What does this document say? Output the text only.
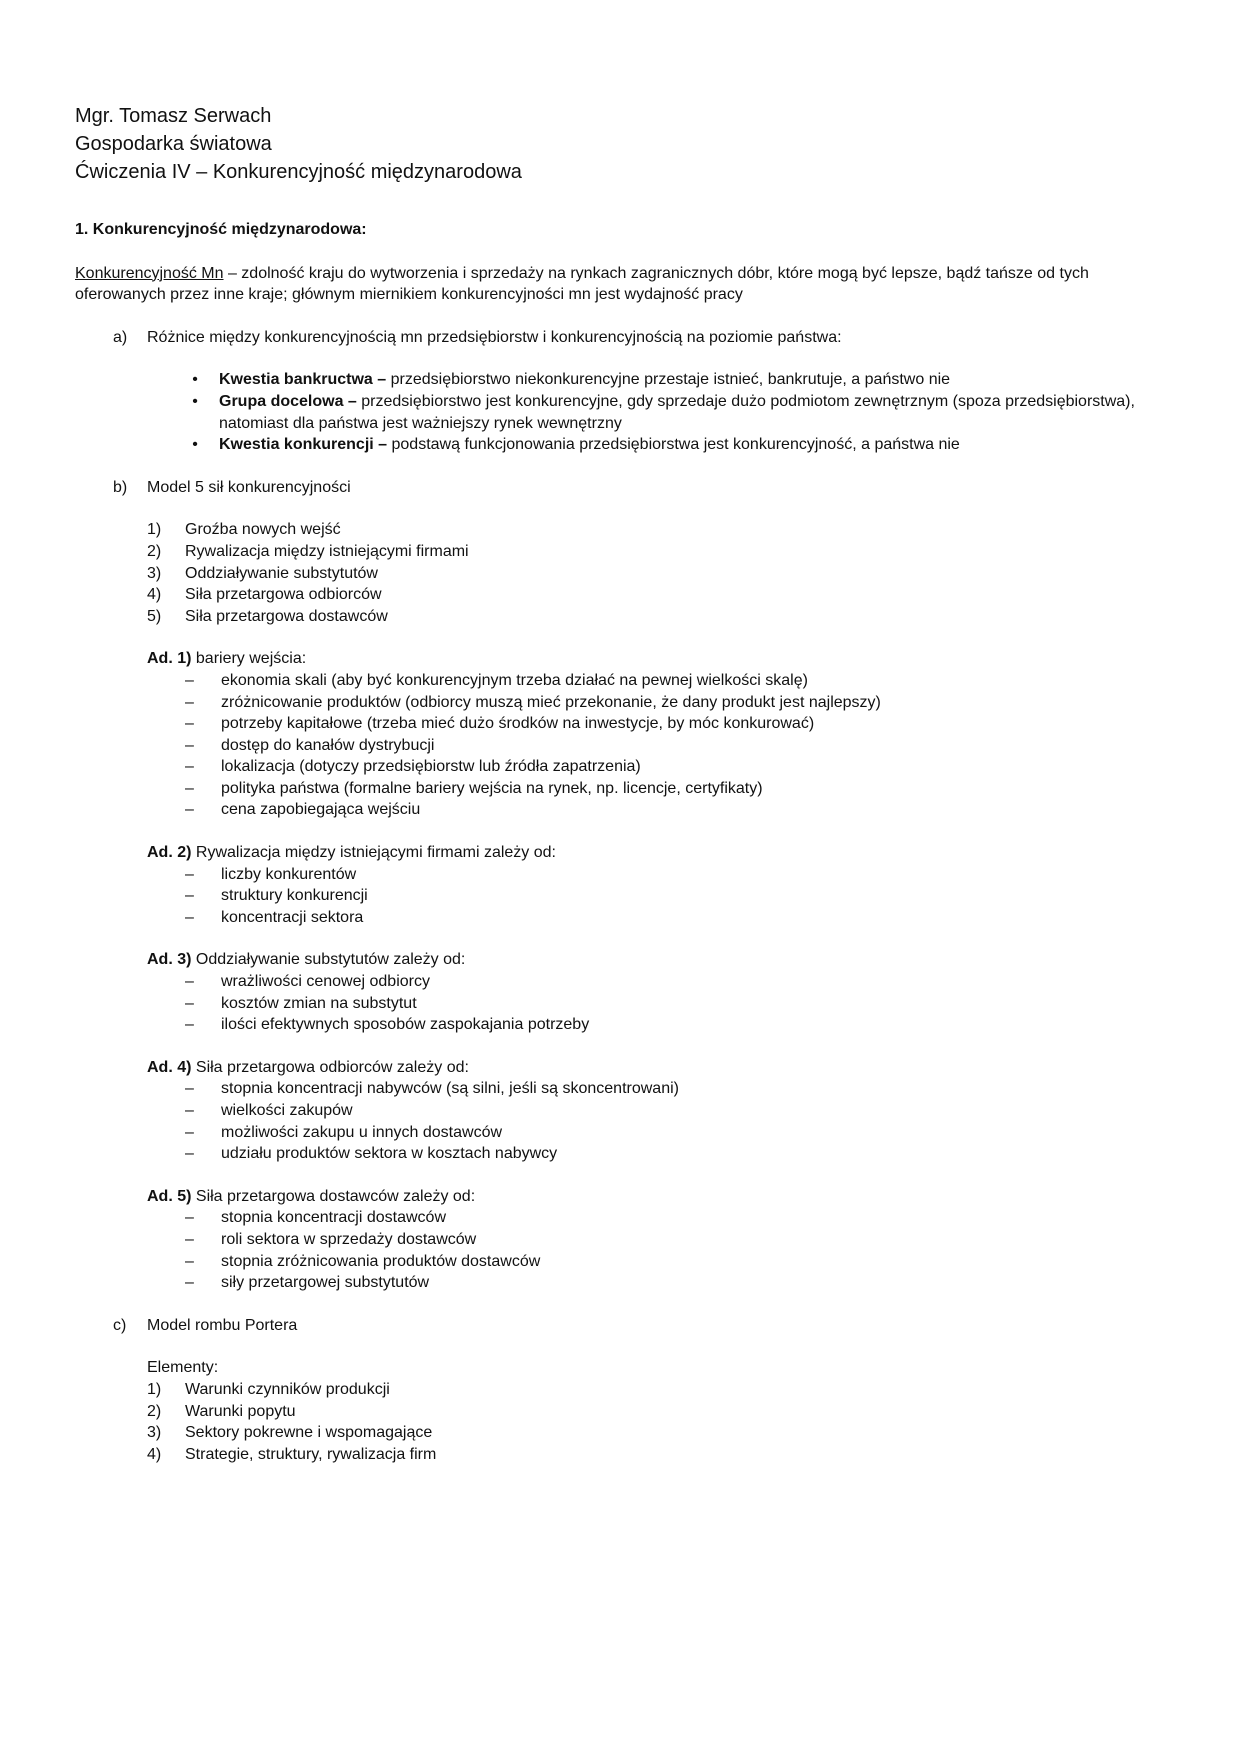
Mgr. Tomasz Serwach
Gospodarka światowa
Ćwiczenia IV – Konkurencyjność międzynarodowa
1. Konkurencyjność międzynarodowa:
Konkurencyjność Mn – zdolność kraju do wytworzenia i sprzedaży na rynkach zagranicznych dóbr, które mogą być lepsze, bądź tańsze od tych oferowanych przez inne kraje; głównym miernikiem konkurencyjności mn jest wydajność pracy
a)	Różnice między konkurencyjnością mn przedsiębiorstw i konkurencyjnością na poziomie państwa:
•	Kwestia bankructwa – przedsiębiorstwo niekonkurencyjne przestaje istnieć, bankrutuje, a państwo nie
•	Grupa docelowa – przedsiębiorstwo jest konkurencyjne, gdy sprzedaje dużo podmiotom zewnętrznym (spoza przedsiębiorstwa), natomiast dla państwa jest ważniejszy rynek wewnętrzny
•	Kwestia konkurencji – podstawą funkcjonowania przedsiębiorstwa jest konkurencyjność, a państwa nie
b)	Model 5 sił konkurencyjności
1)	Groźba nowych wejść
2)	Rywalizacja między istniejącymi firmami
3)	Oddziaływanie substytutów
4)	Siła przetargowa odbiorców
5)	Siła przetargowa dostawców
Ad. 1) bariery wejścia:
–	ekonomia skali (aby być konkurencyjnym trzeba działać na pewnej wielkości skalę)
–	zróżnicowanie produktów (odbiorcy muszą mieć przekonanie, że dany produkt jest najlepszy)
–	potrzeby kapitałowe (trzeba mieć dużo środków na inwestycje, by móc konkurować)
–	dostęp do kanałów dystrybucji
–	lokalizacja (dotyczy przedsiębiorstw lub źródła zapatrzenia)
–	polityka państwa (formalne bariery wejścia na rynek, np. licencje, certyfikaty)
–	cena zapobiegająca wejściu
Ad. 2) Rywalizacja między istniejącymi firmami zależy od:
–	liczby konkurentów
–	struktury konkurencji
–	koncentracji sektora
Ad. 3) Oddziaływanie substytutów zależy od:
–	wrażliwości cenowej odbiorcy
–	kosztów zmian na substytut
–	ilości efektywnych sposobów zaspokajania potrzeby
Ad. 4) Siła przetargowa odbiorców zależy od:
–	stopnia koncentracji nabywców (są silni, jeśli są skoncentrowani)
–	wielkości zakupów
–	możliwości zakupu u innych dostawców
–	udziału produktów sektora w kosztach nabywcy
Ad. 5) Siła przetargowa dostawców zależy od:
–	stopnia koncentracji dostawców
–	roli sektora w sprzedaży dostawców
–	stopnia zróżnicowania produktów dostawców
–	siły przetargowej substytutów
c)	Model rombu Portera
Elementy:
1)	Warunki czynników produkcji
2)	Warunki popytu
3)	Sektory pokrewne i wspomagające
4)	Strategie, struktury, rywalizacja firm
